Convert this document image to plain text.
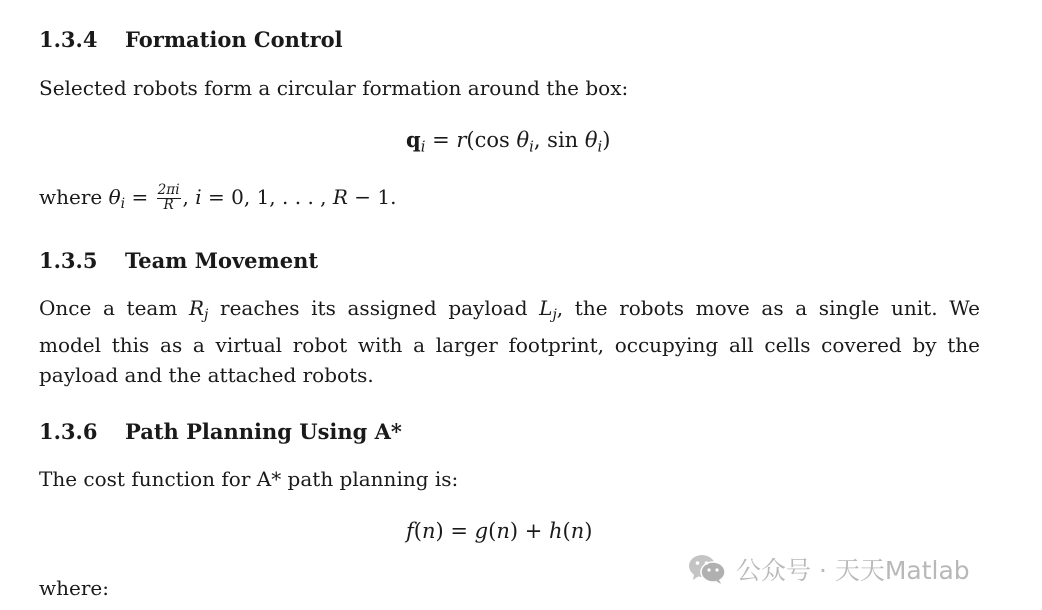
1.3.4 Formation Control
Selected robots form a circular formation around the box:
$q_i = r(\cos$ $\theta_i$, $\sin \theta_i$)
where $\theta_i = \frac{2\pi i}{R}$ , i = 0, 1, . . . , R − 1.
1.3.5 Team Movement
Once a team $R_j$ reaches its assigned payload $L_j$, the robots move as a single unit. We
model this as a virtual robot with a larger footprint, occupying all cells covered by the
payload and the attached robots.
1.3.6 Path Planning Using A*
The cost function for A* path planning is:
f(n) = g(n) + h(n)
where:
公众号 · 天天Matlab
